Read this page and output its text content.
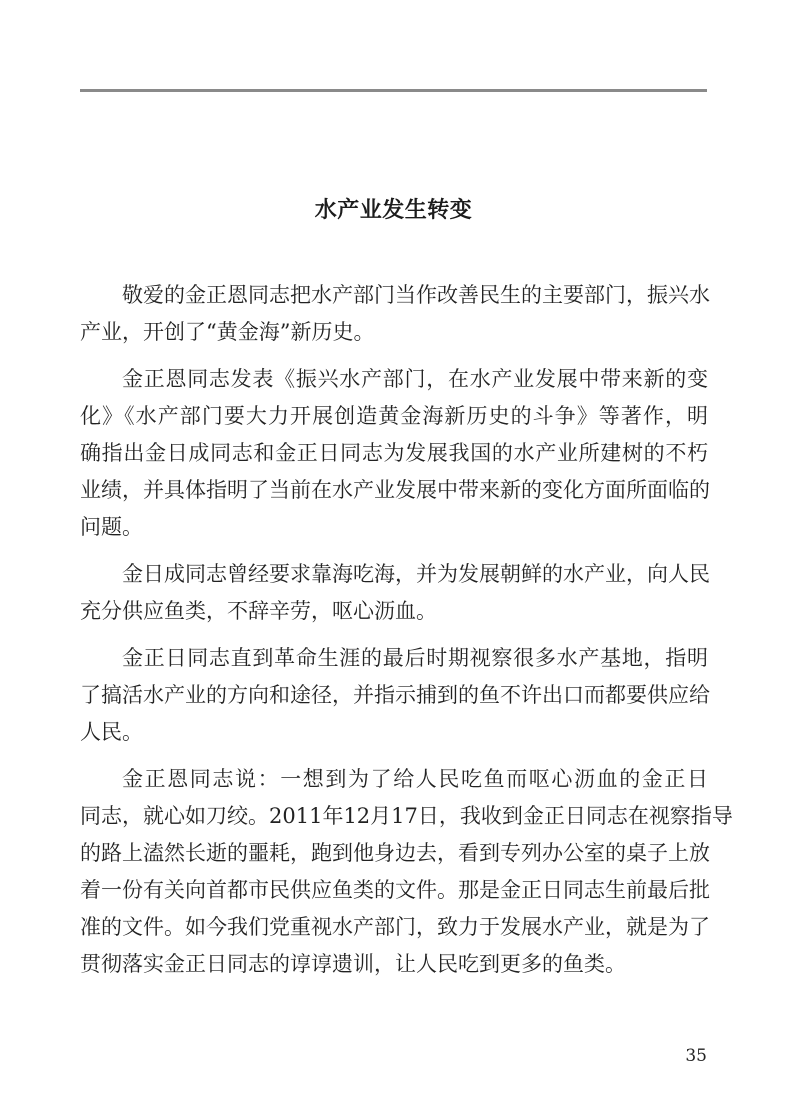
水产业发生转变
敬爱的金正恩同志把水产部门当作改善民生的主要部门，振兴水
产业，开创了“黄金海”新历史。
金正恩同志发表《振兴水产部门，在水产业发展中带来新的变
化》《水产部门要大力开展创造黄金海新历史的斗争》等著作，明
确指出金日成同志和金正日同志为发展我国的水产业所建树的不朽
业绩，并具体指明了当前在水产业发展中带来新的变化方面所面临的
问题。
金日成同志曾经要求靠海吃海，并为发展朝鲜的水产业，向人民
充分供应鱼类，不辞辛劳，呕心沥血。
金正日同志直到革命生涯的最后时期视察很多水产基地，指明
了搞活水产业的方向和途径，并指示捕到的鱼不许出口而都要供应给
人民。
金正恩同志说：一想到为了给人民吃鱼而呕心沥血的金正日
同志，就心如刀绞。2011年12月17日，我收到金正日同志在视察指导
的路上溘然长逝的噩耗，跑到他身边去，看到专列办公室的桌子上放
着一份有关向首都市民供应鱼类的文件。那是金正日同志生前最后批
准的文件。如今我们党重视水产部门，致力于发展水产业，就是为了
贯彻落实金正日同志的谆谆遗训，让人民吃到更多的鱼类。
35
